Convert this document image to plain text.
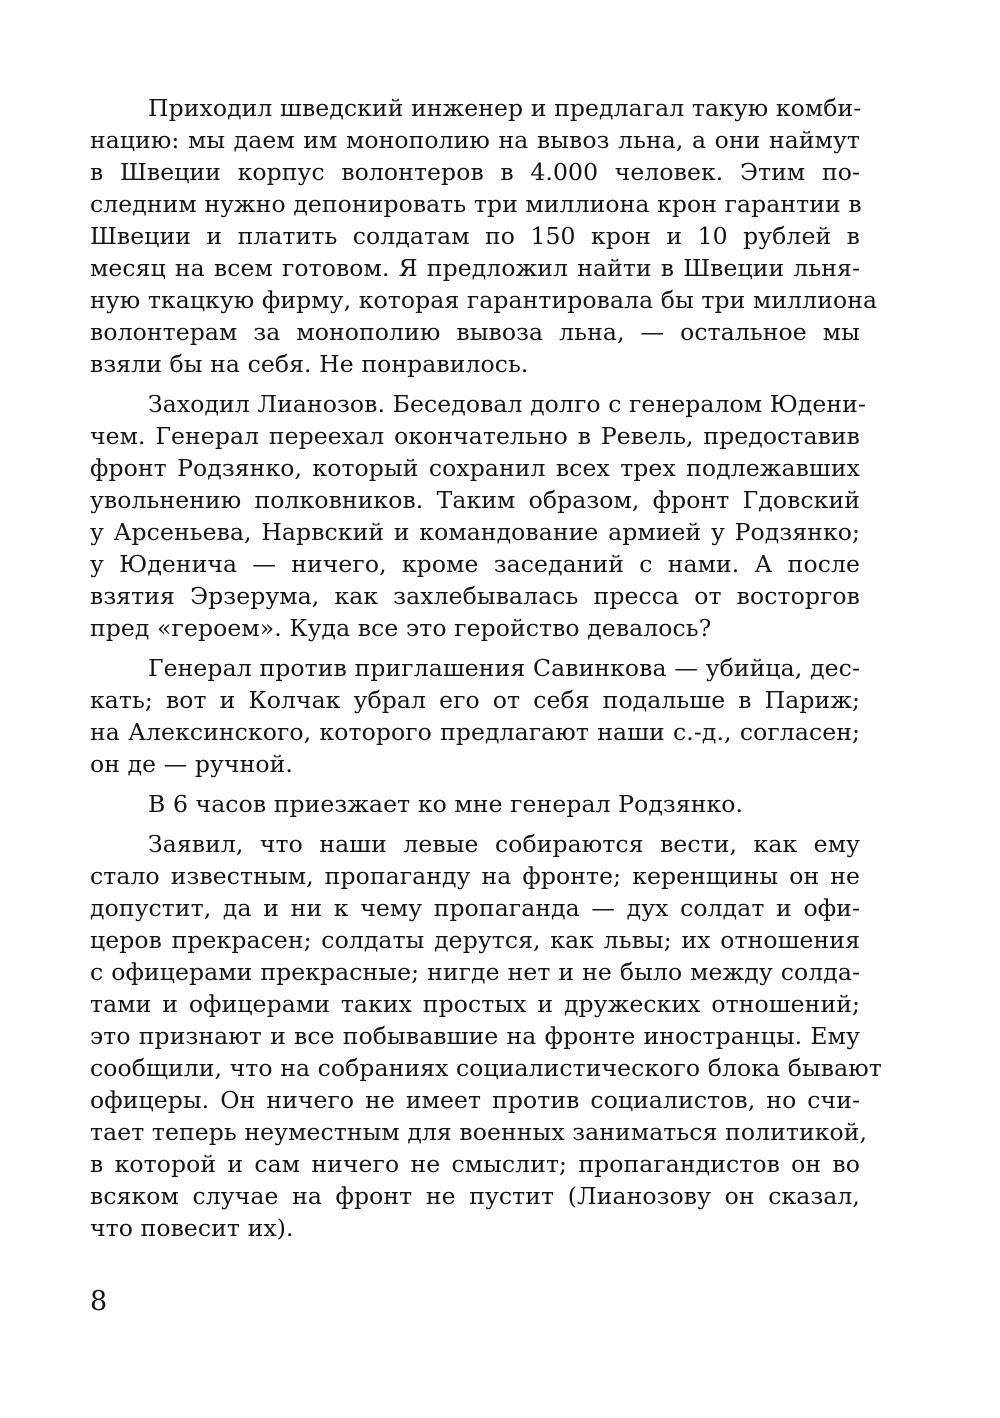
Приходил шведский инженер и предлагал такую комби-
нацию: мы даем им монополию на вывоз льна, а они наймут
в Швеции корпус волонтеров в 4.000 человек. Этим по-
следним нужно депонировать три миллиона крон гарантии в
Швеции и платить солдатам по 150 крон и 10 рублей в
месяц на всем готовом. Я предложил найти в Швеции льня-
ную ткацкую фирму, которая гарантировала бы три миллиона
волонтерам за монополию вывоза льна, — остальное мы
взяли бы на себя. Не понравилось.
Заходил Лианозов. Беседовал долго с генералом Юдени-
чем. Генерал переехал окончательно в Ревель, предоставив
фронт Родзянко, который сохранил всех трех подлежавших
увольнению полковников. Таким образом, фронт Гдовский
у Арсеньева, Нарвский и командование армией у Родзянко;
у Юденича — ничего, кроме заседаний с нами. А после
взятия Эрзерума, как захлебывалась пресса от восторгов
пред «героем». Куда все это геройство девалось?
Генерал против приглашения Савинкова — убийца, дес-
кать; вот и Колчак убрал его от себя подальше в Париж;
на Алексинского, которого предлагают наши с.-д., согласен;
он де — ручной.
В 6 часов приезжает ко мне генерал Родзянко.
Заявил, что наши левые собираются вести, как ему
стало известным, пропаганду на фронте; керенщины он не
допустит, да и ни к чему пропаганда — дух солдат и офи-
церов прекрасен; солдаты дерутся, как львы; их отношения
с офицерами прекрасные; нигде нет и не было между солда-
тами и офицерами таких простых и дружеских отношений;
это признают и все побывавшие на фронте иностранцы. Ему
сообщили, что на собраниях социалистического блока бывают
офицеры. Он ничего не имеет против социалистов, но счи-
тает теперь неуместным для военных заниматься политикой,
в которой и сам ничего не смыслит; пропагандистов он во
всяком случае на фронт не пустит (Лианозову он сказал,
что повесит их).
8
